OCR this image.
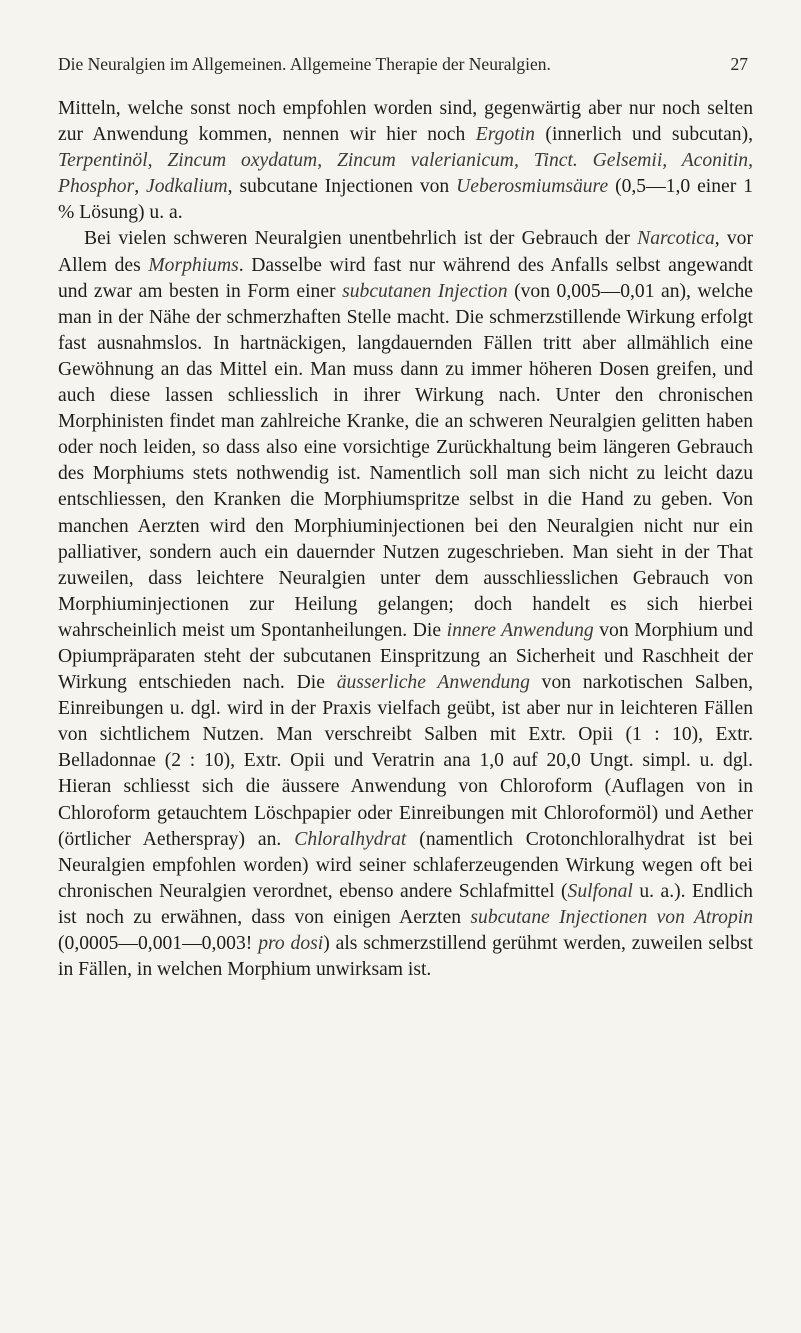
Die Neuralgien im Allgemeinen. Allgemeine Therapie der Neuralgien.	27

Mitteln, welche sonst noch empfohlen worden sind, gegenwärtig aber nur noch selten zur Anwendung kommen, nennen wir hier noch Ergotin (innerlich und subcutan), Terpentinöl, Zincum oxydatum, Zincum valerianicum, Tinct. Gelsemii, Aconitin, Phosphor, Jodkalium, subcutane Injectionen von Ueberosmiumsäure (0,5—1,0 einer 1 % Lösung) u. a.

Bei vielen schweren Neuralgien unentbehrlich ist der Gebrauch der Narcotica, vor Allem des Morphiums. Dasselbe wird fast nur während des Anfalls selbst angewandt und zwar am besten in Form einer subcutanen Injection (von 0,005—0,01 an), welche man in der Nähe der schmerzhaften Stelle macht. Die schmerzstillende Wirkung erfolgt fast ausnahmslos. In hartnäckigen, langdauernden Fällen tritt aber allmählich eine Gewöhnung an das Mittel ein. Man muss dann zu immer höheren Dosen greifen, und auch diese lassen schliesslich in ihrer Wirkung nach. Unter den chronischen Morphinisten findet man zahlreiche Kranke, die an schweren Neuralgien gelitten haben oder noch leiden, so dass also eine vorsichtige Zurückhaltung beim längeren Gebrauch des Morphiums stets nothwendig ist. Namentlich soll man sich nicht zu leicht dazu entschliessen, den Kranken die Morphiumspritze selbst in die Hand zu geben. Von manchen Aerzten wird den Morphiuminjectionen bei den Neuralgien nicht nur ein palliativer, sondern auch ein dauernder Nutzen zugeschrieben. Man sieht in der That zuweilen, dass leichtere Neuralgien unter dem ausschliesslichen Gebrauch von Morphiuminjectionen zur Heilung gelangen; doch handelt es sich hierbei wahrscheinlich meist um Spontanheilungen. Die innere Anwendung von Morphium und Opiumpräparaten steht der subcutanen Einspritzung an Sicherheit und Raschheit der Wirkung entschieden nach. Die äusserliche Anwendung von narkotischen Salben, Einreibungen u. dgl. wird in der Praxis vielfach geübt, ist aber nur in leichteren Fällen von sichtlichem Nutzen. Man verschreibt Salben mit Extr. Opii (1 : 10), Extr. Belladonnae (2 : 10), Extr. Opii und Veratrin ana 1,0 auf 20,0 Ungt. simpl. u. dgl. Hieran schliesst sich die äussere Anwendung von Chloroform (Auflagen von in Chloroform getauchtem Löschpapier oder Einreibungen mit Chloroformöl) und Aether (örtlicher Aetherspray) an. Chloralhydrat (namentlich Crotonchloralhydrat ist bei Neuralgien empfohlen worden) wird seiner schlaferzeugenden Wirkung wegen oft bei chronischen Neuralgien verordnet, ebenso andere Schlafmittel (Sulfonal u. a.). Endlich ist noch zu erwähnen, dass von einigen Aerzten subcutane Injectionen von Atropin (0,0005—0,001—0,003! pro dosi) als schmerzstillend gerühmt werden, zuweilen selbst in Fällen, in welchen Morphium unwirksam ist.
